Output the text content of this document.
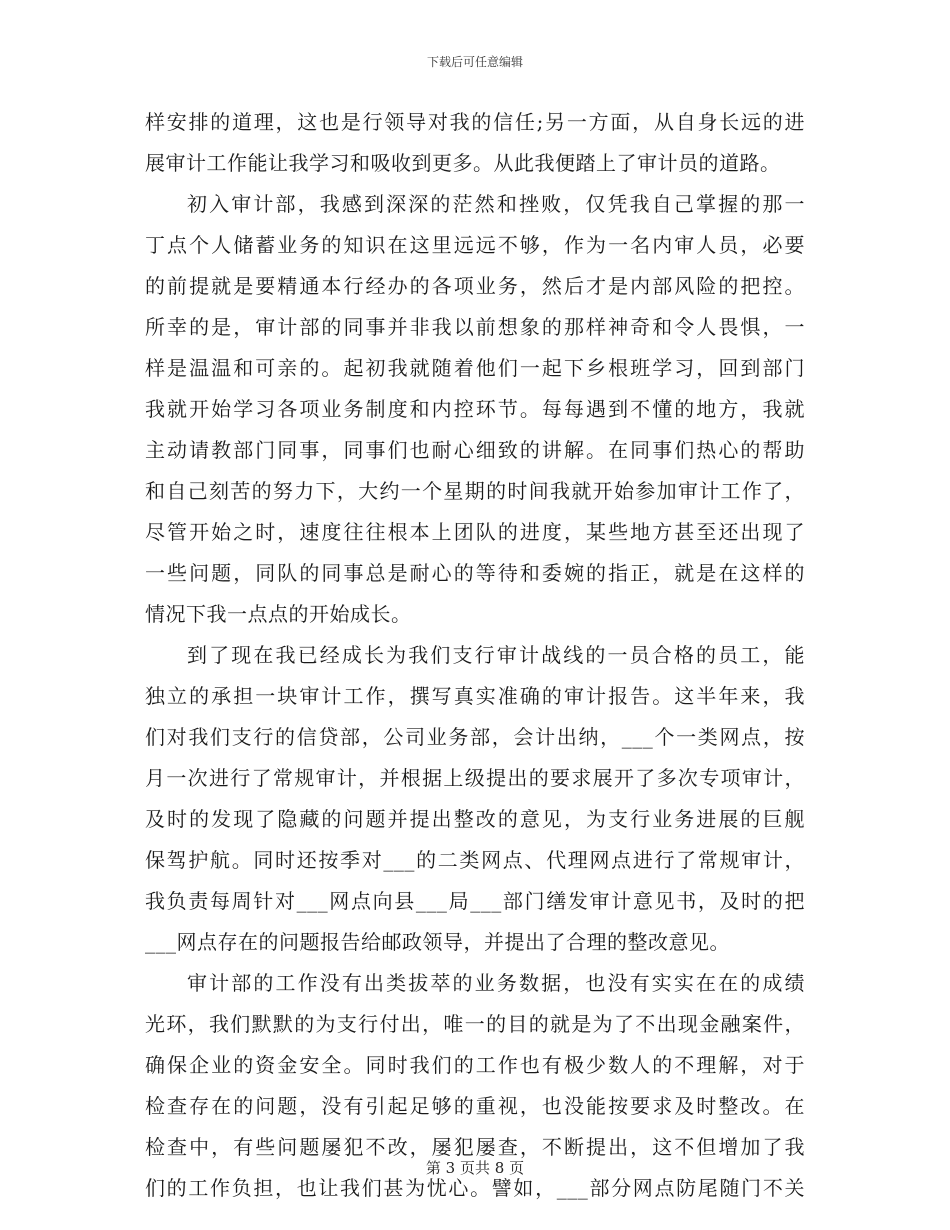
下载后可任意编辑
样安排的道理，这也是行领导对我的信任;另一方面，从自身长远的进
展审计工作能让我学习和吸收到更多。从此我便踏上了审计员的道路。
初入审计部，我感到深深的茫然和挫败，仅凭我自己掌握的那一
丁点个人储蓄业务的知识在这里远远不够，作为一名内审人员，必要
的前提就是要精通本行经办的各项业务，然后才是内部风险的把控。
所幸的是，审计部的同事并非我以前想象的那样神奇和令人畏惧，一
样是温温和可亲的。起初我就随着他们一起下乡根班学习，回到部门
我就开始学习各项业务制度和内控环节。每每遇到不懂的地方，我就
主动请教部门同事，同事们也耐心细致的讲解。在同事们热心的帮助
和自己刻苦的努力下，大约一个星期的时间我就开始参加审计工作了，
尽管开始之时，速度往往根本上团队的进度，某些地方甚至还出现了
一些问题，同队的同事总是耐心的等待和委婉的指正，就是在这样的
情况下我一点点的开始成长。
到了现在我已经成长为我们支行审计战线的一员合格的员工，能
独立的承担一块审计工作，撰写真实准确的审计报告。这半年来，我
们对我们支行的信贷部，公司业务部，会计出纳，___个一类网点，按
月一次进行了常规审计，并根据上级提出的要求展开了多次专项审计，
及时的发现了隐藏的问题并提出整改的意见，为支行业务进展的巨舰
保驾护航。同时还按季对___的二类网点、代理网点进行了常规审计，
我负责每周针对___网点向县___局___部门缮发审计意见书，及时的把
___网点存在的问题报告给邮政领导，并提出了合理的整改意见。
审计部的工作没有出类拔萃的业务数据，也没有实实在在的成绩
光环，我们默默的为支行付出，唯一的目的就是为了不出现金融案件，
确保企业的资金安全。同时我们的工作也有极少数人的不理解，对于
检查存在的问题，没有引起足够的重视，也没能按要求及时整改。在
检查中，有些问题屡犯不改，屡犯屡查，不断提出，这不但增加了我
们的工作负担，也让我们甚为忧心。譬如，___部分网点防尾随门不关
第 3 页共 8 页
